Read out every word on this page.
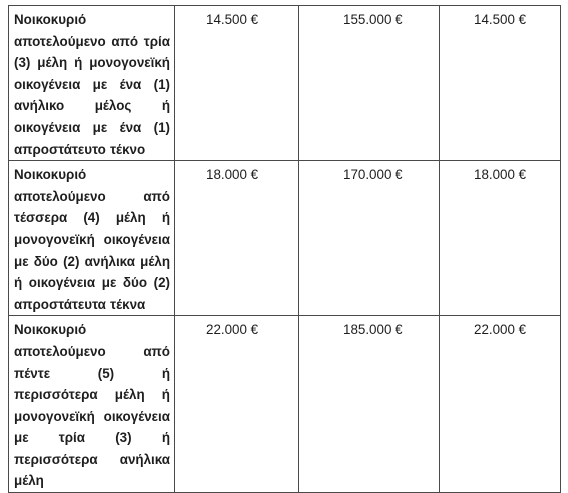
Νοικοκυριό αποτελούμενο από τρία (3) μέλη ή μονογονεϊκή οικογένεια με ένα (1) ανήλικο μέλος ή οικογένεια με ένα (1) απροστάτευτο τέκνο	14.500 €	155.000 €	14.500 €

Νοικοκυριό αποτελούμενο από τέσσερα (4) μέλη ή μονογονεϊκή οικογένεια με δύο (2) ανήλικα μέλη ή οικογένεια με δύο (2) απροστάτευτα τέκνα	18.000 €	170.000 €	18.000 €

Νοικοκυριό αποτελούμενο από πέντε (5) ή περισσότερα μέλη ή μονογονεϊκή οικογένεια με τρία (3) ή περισσότερα ανήλικα μέλη	22.000 €	185.000 €	22.000 €
